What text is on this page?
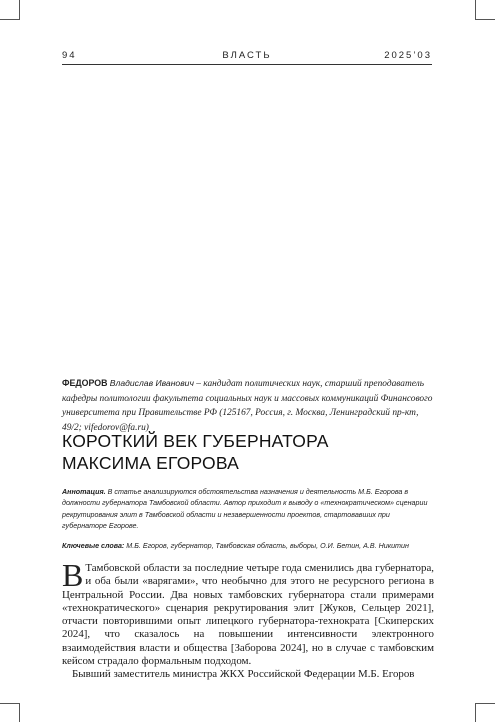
94	ВЛАСТЬ	2025’03
ФЕДОРОВ Владислав Иванович – кандидат политических наук, старший преподаватель кафедры политологии факультета социальных наук и массовых коммуникаций Финансового университета при Правительстве РФ (125167, Россия, г. Москва, Ленинградский пр-кт, 49/2; vifedorov@fa.ru)
КОРОТКИЙ ВЕК ГУБЕРНАТОРА
МАКСИМА ЕГОРОВА
Аннотация. В статье анализируются обстоятельства назначения и деятельность М.Б. Егорова в должности губернатора Тамбовской области. Автор приходит к выводу о «технократическом» сценарии рекрутирования элит в Тамбовской области и незавершенности проектов, стартовавших при губернаторе Егорове.
Ключевые слова: М.Б. Егоров, губернатор, Тамбовская область, выборы, О.И. Бетин, А.В. Никитин

В Тамбовской области за последние четыре года сменились два губернатора, и оба были «варягами», что необычно для этого не ресурсного региона в Центральной России. Два новых тамбовских губернатора стали примерами «технократического» сценария рекрутирования элит [Жуков, Сельцер 2021], отчасти повторившими опыт липецкого губернатора-технократа [Скиперских 2024], что сказалось на повышении интенсивности электронного взаимодействия власти и общества [Заборова 2024], но в случае с тамбовским кейсом страдало формальным подходом.

Бывший заместитель министра ЖКХ Российской Федерации М.Б. Егоров
